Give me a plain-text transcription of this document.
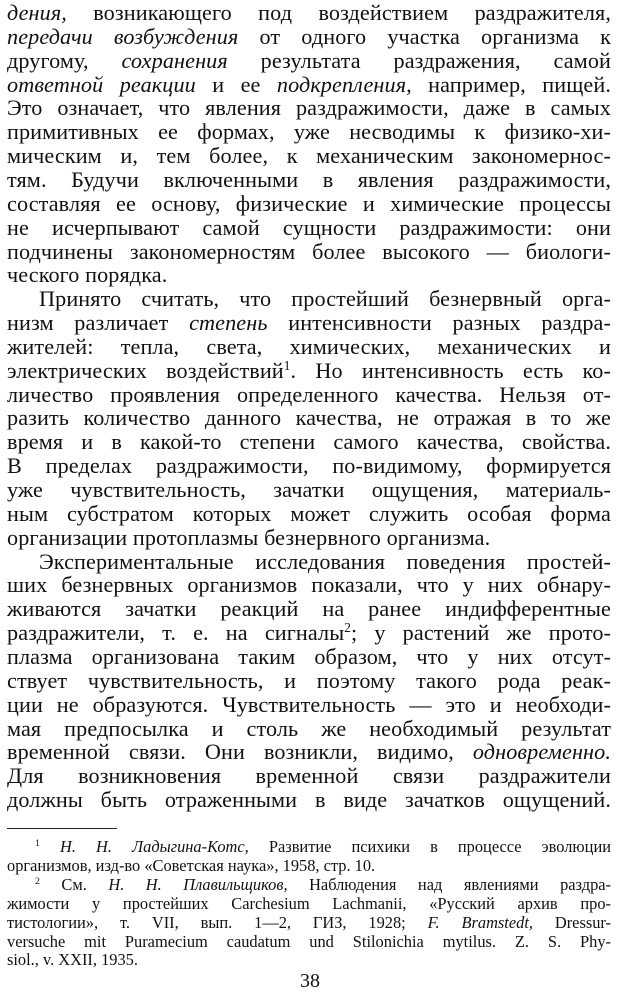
дения, возникающего под воздействием раздражителя,
передачи возбуждения от одного участка организма к
другому, сохранения результата раздражения, самой
ответной реакции и ее подкрепления, например, пищей.
Это означает, что явления раздражимости, даже в самых
примитивных ее формах, уже несводимы к физико-хи-
мическим и, тем более, к механическим закономернос-
тям. Будучи включенными в явления раздражимости,
составляя ее основу, физические и химические процессы
не исчерпывают самой сущности раздражимости: они
подчинены закономерностям более высокого — биологи-
ческого порядка.
Принято считать, что простейший безнервный орга-
низм различает степень интенсивности разных раздра-
жителей: тепла, света, химических, механических и
электрических воздействий$^1$. Но интенсивность есть ко-
личество проявления определенного качества. Нельзя от-
разить количество данного качества, не отражая в то же
время и в какой-то степени самого качества, свойства.
В пределах раздражимости, по-видимому, формируется
уже чувствительность, зачатки ощущения, материаль-
ным субстратом которых может служить особая форма
организации протоплазмы безнервного организма.
Экспериментальные исследования поведения простей-
ших безнервных организмов показали, что у них обнару-
живаются зачатки реакций на ранее индифферентные
раздражители, т. е. на сигналы$^2$; у растений же прото-
плазма организована таким образом, что у них отсут-
ствует чувствительность, и поэтому такого рода реак-
ции не образуются. Чувствительность — это и необходи-
мая предпосылка и столь же необходимый результат
временной связи. Они возникли, видимо, одновременно.
Для возникновения временной связи раздражители
должны быть отраженными в виде зачатков ощущений.
$^1$ Н. Н. Ладыгина-Котс, Развитие психики в процессе эволюции
организмов, изд-во «Советская наука», 1958, стр. 10.
$^2$ См. Н. Н. Плавильщиков, Наблюдения над явлениями раздра-
жимости у простейших Carchesium Lachmanii, «Русский архив про-
тистологии», т. VII, вып. 1—2, ГИЗ, 1928; F. Bramstedt, Dressur-
versuche mit Puramecium caudatum und Stilonichia mytilus. Z. S. Phy-
siol., v. XXII, 1935.
38
